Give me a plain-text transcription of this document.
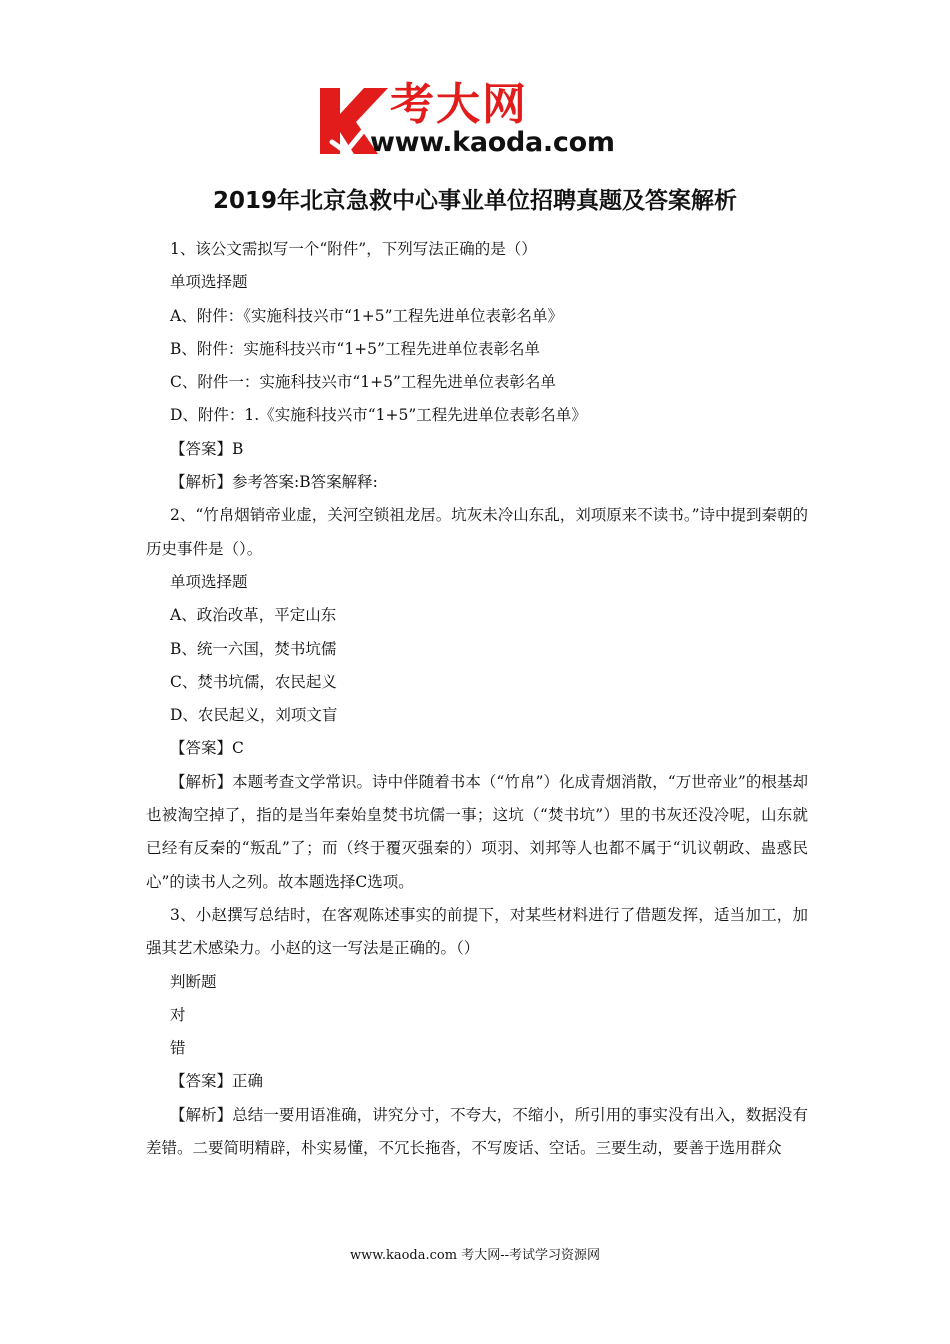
考大网
www.kaoda.com
2019年北京急救中心事业单位招聘真题及答案解析

1、该公文需拟写一个“附件”，下列写法正确的是（）

单项选择题

A、附件：《实施科技兴市“1+5”工程先进单位表彰名单》

B、附件：实施科技兴市“1+5”工程先进单位表彰名单

C、附件一：实施科技兴市“1+5”工程先进单位表彰名单

D、附件：1.《实施科技兴市“1+5”工程先进单位表彰名单》

【答案】B

【解析】参考答案:B答案解释:

2、“竹帛烟销帝业虚，关河空锁祖龙居。坑灰未冷山东乱，刘项原来不读书。”诗中提到秦朝的历史事件是（）。

单项选择题

A、政治改革，平定山东

B、统一六国，焚书坑儒

C、焚书坑儒，农民起义

D、农民起义，刘项文盲

【答案】C

【解析】本题考查文学常识。诗中伴随着书本（“竹帛”）化成青烟消散，“万世帝业”的根基却也被淘空掉了，指的是当年秦始皇焚书坑儒一事；这坑（“焚书坑”）里的书灰还没冷呢，山东就已经有反秦的“叛乱”了；而（终于覆灭强秦的）项羽、刘邦等人也都不属于“讥议朝政、蛊惑民心”的读书人之列。故本题选择C选项。

3、小赵撰写总结时，在客观陈述事实的前提下，对某些材料进行了借题发挥，适当加工，加强其艺术感染力。小赵的这一写法是正确的。（）

判断题

对

错

【答案】正确

【解析】总结一要用语准确，讲究分寸，不夸大，不缩小，所引用的事实没有出入，数据没有差错。二要简明精辟，朴实易懂，不冗长拖沓，不写废话、空话。三要生动，要善于选用群众

www.kaoda.com 考大网--考试学习资源网
